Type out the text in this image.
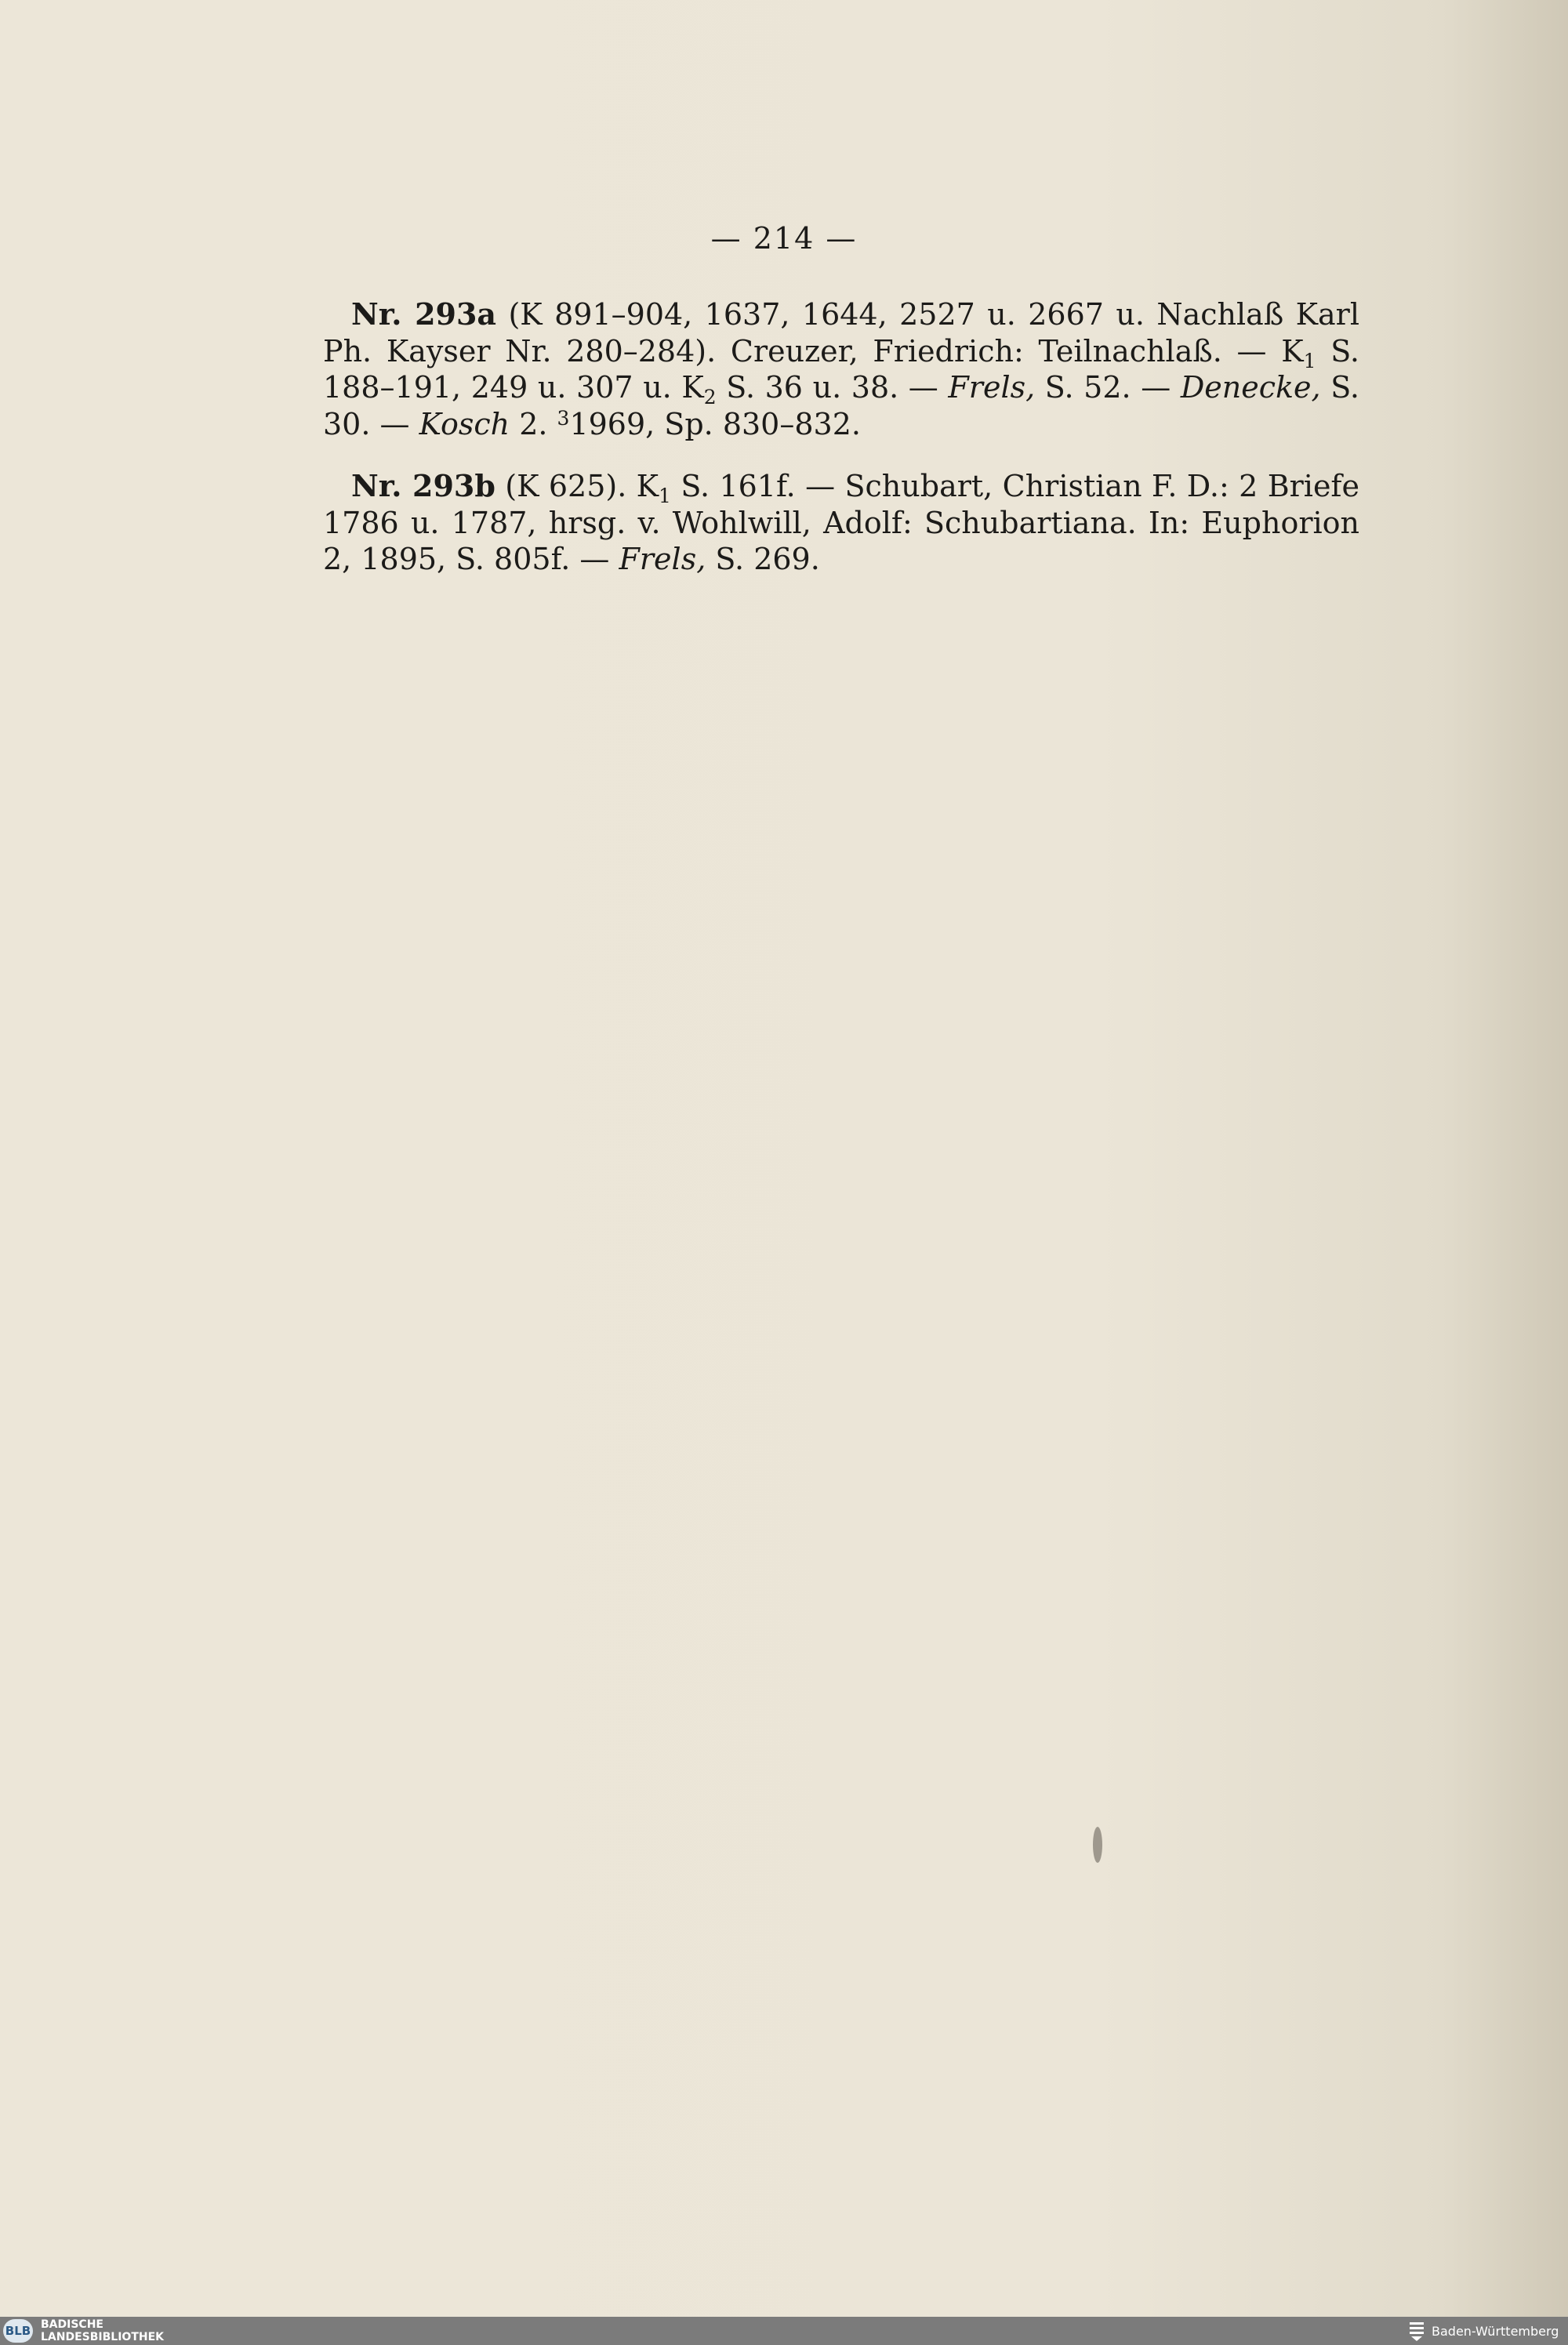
— 214 —

Nr. 293a (K 891–904, 1637, 1644, 2527 u. 2667 u. Nachlaß Karl Ph. Kayser Nr. 280–284). Creuzer, Friedrich: Teilnachlaß. — $K_1$ S. 188–191, 249 u. 307 u. $K_2$ S. 36 u. 38. — Frels, S. 52. — Denecke, S. 30. — Kosch 2. $^3$1969, Sp. 830–832.

Nr. 293b (K 625). $K_1$ S. 161f. — Schubart, Christian F. D.: 2 Briefe 1786 u. 1787, hrsg. v. Wohlwill, Adolf: Schubartiana. In: Euphorion 2, 1895, S. 805f. — Frels, S. 269.

BLB BADISCHE
LANDESBIBLIOTHEK	Baden-Württemberg
